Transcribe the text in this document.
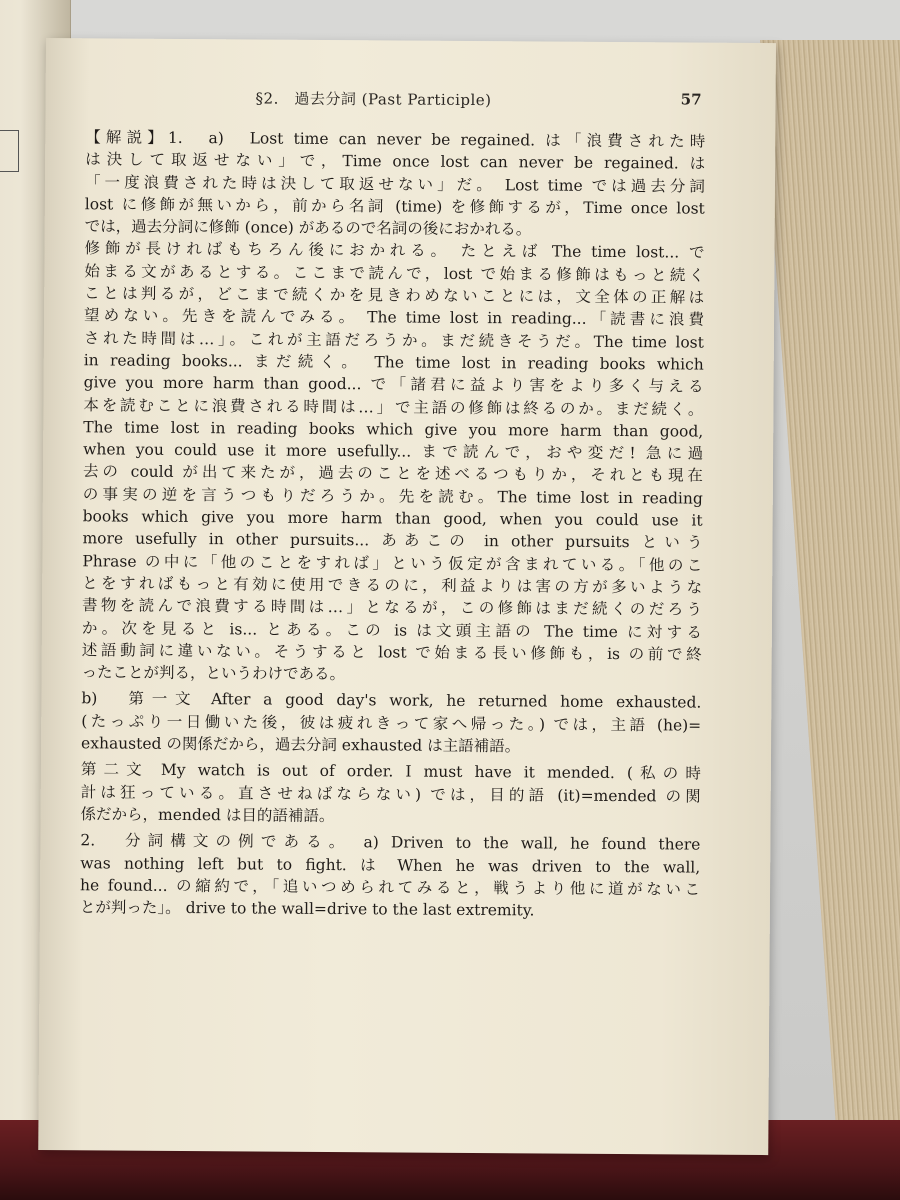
§2.　過去分詞 (Past Participle)	57
【解説】1.　a)　Lost time can never be regained. は「浪費された時
は決して取返せない」で，Time once lost can never be regained. は
「一度浪費された時は決して取返せない」だ。 Lost time では過去分詞
lost に修飾が無いから，前から名詞 (time) を修飾するが，Time once lost
では，過去分詞に修飾 (once) があるので名詞の後におかれる。
修飾が長ければもちろん後におかれる。 たとえば The time lost... で
始まる文があるとする。ここまで読んで，lost で始まる修飾はもっと続く
ことは判るが，どこまで続くかを見きわめないことには，文全体の正解は
望めない。先きを読んでみる。 The time lost in reading...「読書に浪費
された時間は…」。これが主語だろうか。まだ続きそうだ。The time lost
in reading books... まだ続く。 The time lost in reading books which
give you more harm than good... で「諸君に益より害をより多く与える
本を読むことに浪費される時間は…」で主語の修飾は終るのか。まだ続く。
The time lost in reading books which give you more harm than good,
when you could use it more usefully... まで読んで，おや変だ! 急に過
去の could が出て来たが，過去のことを述べるつもりか，それとも現在
の事実の逆を言うつもりだろうか。先を読む。The time lost in reading
books which give you more harm than good, when you could use it
more usefully in other pursuits... ああこの in other pursuits という
Phrase の中に「他のことをすれば」という仮定が含まれている。「他のこ
とをすればもっと有効に使用できるのに，利益よりは害の方が多いような
書物を読んで浪費する時間は…」となるが，この修飾はまだ続くのだろう
か。次を見ると is... とある。この is は文頭主語の The time に対する
述語動詞に違いない。そうすると lost で始まる長い修飾も，is の前で終
ったことが判る，というわけである。
b)　第一文 After a good day's work, he returned home exhausted.
(たっぷり一日働いた後，彼は疲れきって家へ帰った。) では，主語 (he)=
exhausted の関係だから，過去分詞 exhausted は主語補語。
第二文 My watch is out of order. I must have it mended. (私の時
計は狂っている。直させねばならない) では，目的語 (it)=mended の関
係だから，mended は目的語補語。
2.　分詞構文の例である。 a) Driven to the wall, he found there
was nothing left but to fight. は When he was driven to the wall,
he found... の縮約で，「追いつめられてみると，戦うより他に道がないこ
とが判った」。 drive to the wall=drive to the last extremity.
